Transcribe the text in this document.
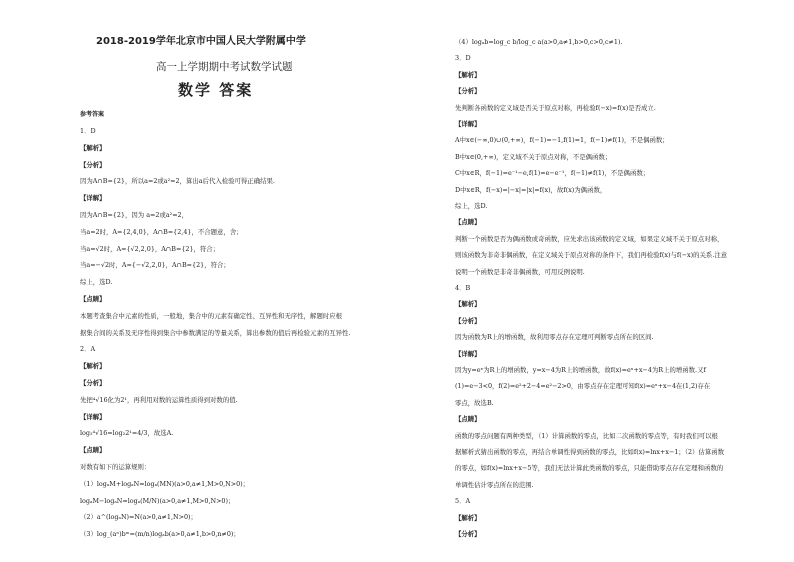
2018-2019学年北京市中国人民大学附属中学
高一上学期期中考试数学试题
数学 答案
参考答案
1．D
【解析】
【分析】
因为A∩B={2}，所以a=2或a²=2，算出a后代入检验可得正确结果.
【详解】
因为A∩B={2}，因为 a=2或a²=2，
当a=2时，A={2,4,0}，A∩B={2,4}，不合题意，舍；
当a=√2时，A={√2,2,0}，A∩B={2}，符合；
当a=−√2时，A={−√2,2,0}，A∩B={2}，符合；
综上，选D.
【点睛】
本题考查集合中元素的性质，一般地，集合中的元素有确定性、互异性和无序性，解题时应根
据集合间的关系及无序性得到集合中参数满足的等量关系，算出参数的值后再检验元素的互异性.
2．A
【解析】
【分析】
先把⁴√16化为2¹，再利用对数的运算性质得到对数的值.
【详解】
log₂⁴√16=log₂2¹=4/3，故选A.
【点睛】
对数有如下的运算规则：
（1）logₐM+logₐN=logₐ(MN)(a>0,a≠1,M>0,N>0)；
logₐM−logₐN=logₐ(M/N)(a>0,a≠1,M>0,N>0)；
（2）a^(logₐN)=N(a>0,a≠1,N>0)；
（3）log_(aⁿ)bᵐ=(m/n)logₐb(a>0,a≠1,b>0,n≠0)；
（4）logₐb=log_c b/log_c a(a>0,a≠1,b>0,c>0,c≠1).
3．D
【解析】
【分析】
先判断各函数的定义域是否关于原点对称，再检验f(−x)=f(x)是否成立.
【详解】
A中x∈(−∞,0)∪(0,+∞)，f(−1)=−1,f(1)=1，f(−1)≠f(1)，不是偶函数；
B中x∈(0,+∞)，定义域不关于原点对称，不是偶函数；
C中x∈R，f(−1)=e⁻¹−e,f(1)=e−e⁻¹，f(−1)≠f(1)，不是偶函数；
D中x∈R，f(−x)=|−x|=|x|=f(x)，故f(x)为偶函数，
综上，选D.
【点睛】
判断一个函数是否为偶函数或奇函数，应先求出该函数的定义域，如果定义域不关于原点对称，
则该函数为非奇非偶函数，在定义域关于原点对称的条件下，我们再检验f(x)与f(−x)的关系.注意
说明一个函数是非奇非偶函数，可用反例说明.
4．B
【解析】
【分析】
因为函数为R上的增函数，故利用零点存在定理可判断零点所在的区间.
【详解】
因为y=eˣ为R上的增函数，y=x−4为R上的增函数，故f(x)=eˣ+x−4为R上的增函数.又f
(1)=e−3<0，f(2)=e²+2−4=e²−2>0，由零点存在定理可知f(x)=eˣ+x−4在(1,2)存在
零点，故选B.
【点睛】
函数的零点问题有两种类型，（1）计算函数的零点，比如二次函数的零点等，有时我们可以根
据解析式猜出函数的零点，再结合单调性得到函数的零点，比如f(x)=lnx+x−1；（2）估算函数
的零点，如f(x)=lnx+x−5等，我们无法计算此类函数的零点，只能借助零点存在定理和函数的
单调性估计零点所在的范围.
5．A
【解析】
【分析】
